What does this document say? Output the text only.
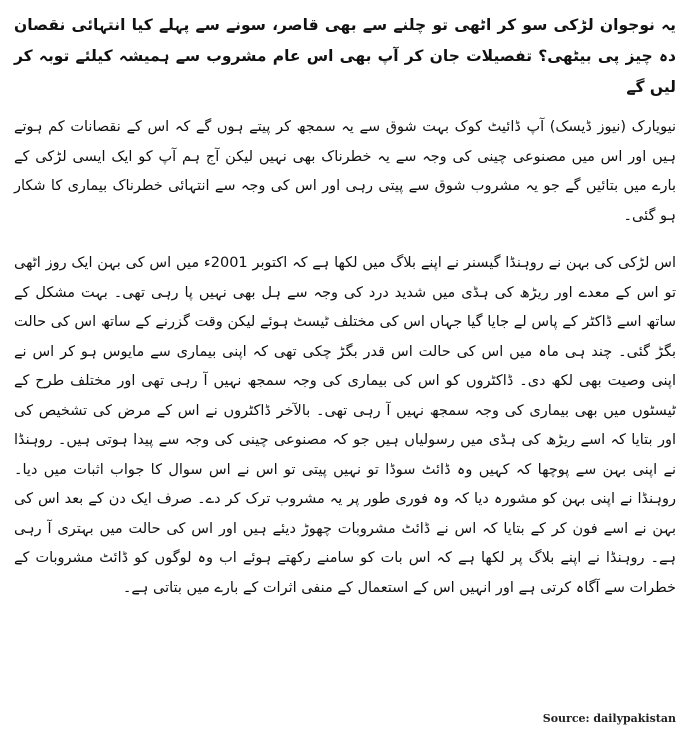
یہ نوجوان لڑکی سو کر اٹھی تو چلنے سے بھی قاصر، سونے سے پہلے کیا انتہائی نقصان دہ چیز پی بیٹھی؟ تفصیلات جان کر آپ بھی اس عام مشروب سے ہمیشہ کیلئے توبہ کر لیں گے

نیویارک (نیوز ڈیسک) آپ ڈائیٹ کوک بہت شوق سے یہ سمجھ کر پیتے ہوں گے کہ اس کے نقصانات کم ہوتے ہیں اور اس میں مصنوعی چینی کی وجہ سے یہ خطرناک بھی نہیں لیکن آج ہم آپ کو ایک ایسی لڑکی کے بارے میں بتائیں گے جو یہ مشروب شوق سے پیتی رہی اور اس کی وجہ سے انتہائی خطرناک بیماری کا شکار ہو گئی۔

اس لڑکی کی بہن نے روہنڈا گیسنر نے اپنے بلاگ میں لکھا ہے کہ اکتوبر 2001ء میں اس کی بہن ایک روز اٹھی تو اس کے معدے اور ریڑھ کی ہڈی میں شدید درد کی وجہ سے ہل بھی نہیں پا رہی تھی۔ بہت مشکل کے ساتھ اسے ڈاکٹر کے پاس لے جایا گیا جہاں اس کی مختلف ٹیسٹ ہوئے لیکن وقت گزرنے کے ساتھ اس کی حالت بگڑ گئی۔ چند ہی ماہ میں اس کی حالت اس قدر بگڑ چکی تھی کہ اپنی بیماری سے مایوس ہو کر اس نے اپنی وصیت بھی لکھ دی۔ ڈاکٹروں کو اس کی بیماری کی وجہ سمجھ نہیں آ رہی تھی اور مختلف طرح کے ٹیسٹوں میں بھی بیماری کی وجہ سمجھ نہیں آ رہی تھی۔ بالآخر ڈاکٹروں نے اس کے مرض کی تشخیص کی اور بتایا کہ اسے ریڑھ کی ہڈی میں رسولیاں ہیں جو کہ مصنوعی چینی کی وجہ سے پیدا ہوتی ہیں۔ روہنڈا نے اپنی بہن سے پوچھا کہ کہیں وہ ڈائٹ سوڈا تو نہیں پیتی تو اس نے اس سوال کا جواب اثبات میں دیا۔ روہنڈا نے اپنی بہن کو مشورہ دیا کہ وہ فوری طور پر یہ مشروب ترک کر دے۔ صرف ایک دن کے بعد اس کی بہن نے اسے فون کر کے بتایا کہ اس نے ڈائٹ مشروبات چھوڑ دیئے ہیں اور اس کی حالت میں بہتری آ رہی ہے۔ روہنڈا نے اپنے بلاگ پر لکھا ہے کہ اس بات کو سامنے رکھتے ہوئے اب وہ لوگوں کو ڈائٹ مشروبات کے خطرات سے آگاہ کرتی ہے اور انہیں اس کے استعمال کے منفی اثرات کے بارے میں بتاتی ہے۔

Source: dailypakistan
